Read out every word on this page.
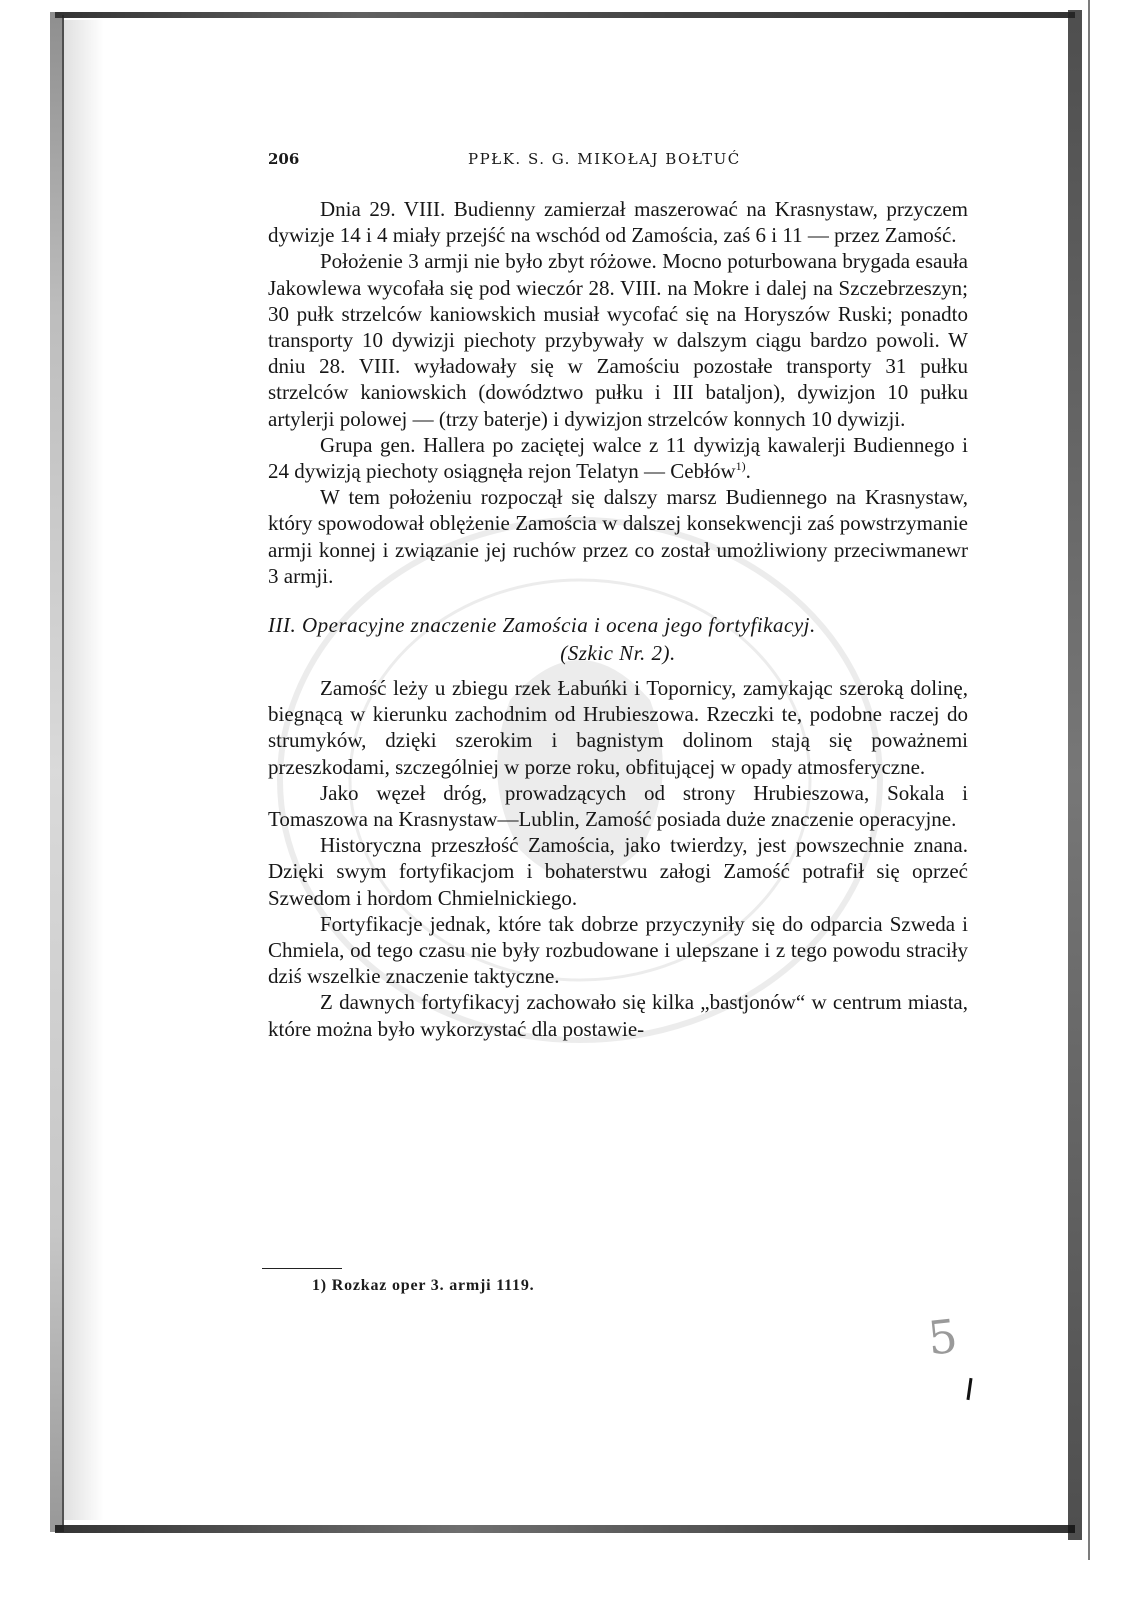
206	PPŁK. S. G. MIKOŁAJ BOŁTUĆ

Dnia 29. VIII. Budienny zamierzał maszerować na Krasnystaw, przyczem dywizje 14 i 4 miały przejść na wschód od Zamościa, zaś 6 i 11 — przez Zamość.

Położenie 3 armji nie było zbyt różowe. Mocno poturbowana brygada esauła Jakowlewa wycofała się pod wieczór 28. VIII. na Mokre i dalej na Szczebrzeszyn; 30 pułk strzelców kaniowskich musiał wycofać się na Horyszów Ruski; ponadto transporty 10 dywizji piechoty przybywały w dalszym ciągu bardzo powoli. W dniu 28. VIII. wyładowały się w Zamościu pozostałe transporty 31 pułku strzelców kaniowskich (dowództwo pułku i III bataljon), dywizjon 10 pułku artylerji polowej — (trzy baterje) i dywizjon strzelców konnych 10 dywizji.

Grupa gen. Hallera po zaciętej walce z 11 dywizją kawalerji Budiennego i 24 dywizją piechoty osiągnęła rejon Telatyn — Cebłów$^{1)}$.

W tem położeniu rozpoczął się dalszy marsz Budiennego na Krasnystaw, który spowodował oblężenie Zamościa w dalszej konsekwencji zaś powstrzymanie armji konnej i związanie jej ruchów przez co został umożliwiony przeciwmanewr 3 armji.

III. Operacyjne znaczenie Zamościa i ocena jego fortyfikacyj.
(Szkic Nr. 2).

Zamość leży u zbiegu rzek Łabuńki i Topornicy, zamykając szeroką dolinę, biegnącą w kierunku zachodnim od Hrubieszowa. Rzeczki te, podobne raczej do strumyków, dzięki szerokim i bagnistym dolinom stają się poważnemi przeszkodami, szczególniej w porze roku, obfitującej w opady atmosferyczne.

Jako węzeł dróg, prowadzących od strony Hrubieszowa, Sokala i Tomaszowa na Krasnystaw—Lublin, Zamość posiada duże znaczenie operacyjne.

Historyczna przeszłość Zamościa, jako twierdzy, jest powszechnie znana. Dzięki swym fortyfikacjom i bohaterstwu załogi Zamość potrafił się oprzeć Szwedom i hordom Chmielnickiego.

Fortyfikacje jednak, które tak dobrze przyczyniły się do odparcia Szweda i Chmiela, od tego czasu nie były rozbudowane i ulepszane i z tego powodu straciły dziś wszelkie znaczenie taktyczne.

Z dawnych fortyfikacyj zachowało się kilka „bastjonów“ w centrum miasta, które można było wykorzystać dla postawie-

1) Rozkaz oper 3. armji 1119.
5
